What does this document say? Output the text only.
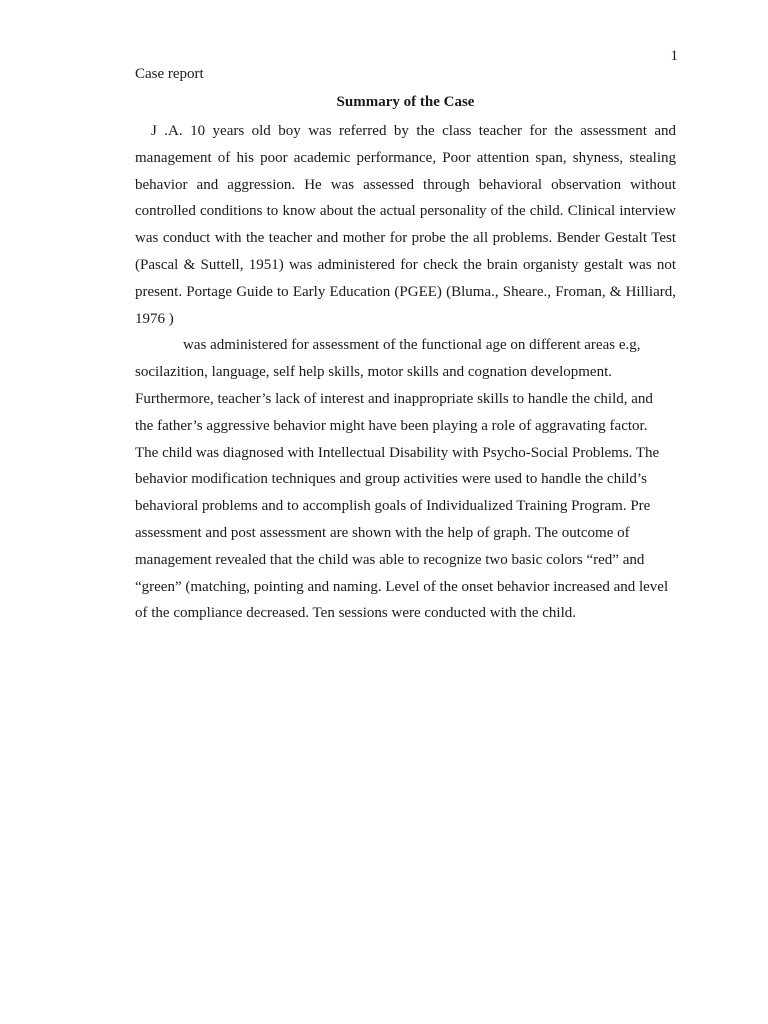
1
Case report
Summary of the Case

J .A. 10 years old boy was referred by the class teacher for the assessment and

management of his poor academic performance, Poor attention span, shyness, stealing

behavior and aggression. He was assessed through behavioral observation without

controlled conditions to know about the actual personality of the child. Clinical interview

was conduct with the teacher and mother for probe the all problems. Bender Gestalt Test

(Pascal & Suttell, 1951) was administered for check the brain organisty gestalt was not

present. Portage Guide to Early Education (PGEE) (Bluma., Sheare., Froman, & Hilliard,

1976 )
was administered for assessment of the functional age on different areas e.g,
socilazition, language, self help skills, motor skills and cognation development.
Furthermore, teacher’s lack of interest and inappropriate skills to handle the child, and
the father’s aggressive behavior might have been playing a role of aggravating factor.
The child was diagnosed with Intellectual Disability with Psycho-Social Problems. The
behavior modification techniques and group activities were used to handle the child’s
behavioral problems and to accomplish goals of Individualized Training Program. Pre
assessment and post assessment are shown with the help of graph. The outcome of
management revealed that the child was able to recognize two basic colors “red” and
“green” (matching, pointing and naming. Level of the onset behavior increased and level
of the compliance decreased. Ten sessions were conducted with the child.
